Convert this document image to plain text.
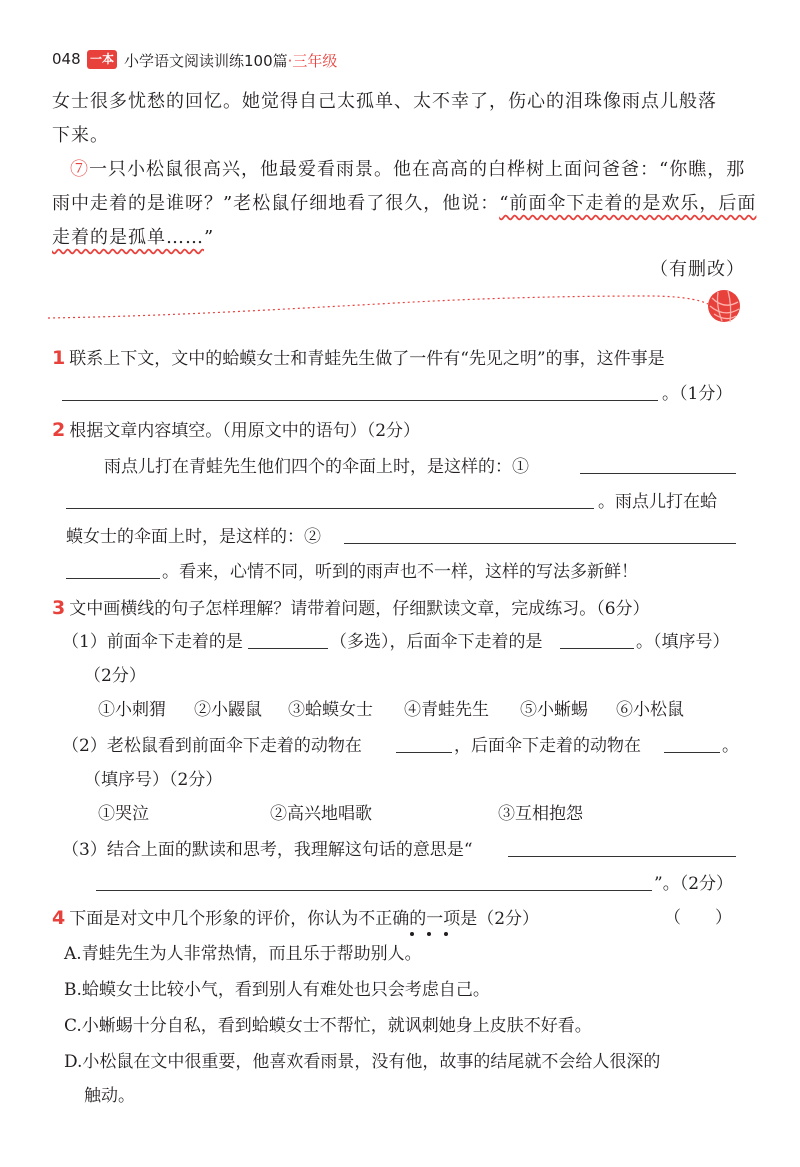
048 一本 小学语文阅读训练100篇·三年级
女士很多忧愁的回忆。她觉得自己太孤单、太不幸了，伤心的泪珠像雨点儿般落
下来。
⑦一只小松鼠很高兴，他最爱看雨景。他在高高的白桦树上面问爸爸：“你瞧，那
雨中走着的是谁呀？”老松鼠仔细地看了很久，他说：“前面伞下走着的是欢乐，后面
走着的是孤单……”
（有删改）
1 联系上下文，文中的蛤蟆女士和青蛙先生做了一件有“先见之明”的事，这件事是
。（1分）
2 根据文章内容填空。（用原文中的语句）（2分）
雨点儿打在青蛙先生他们四个的伞面上时，是这样的：①
。雨点儿打在蛤
蟆女士的伞面上时，是这样的：②
。看来，心情不同，听到的雨声也不一样，这样的写法多新鲜！
3 文中画横线的句子怎样理解？请带着问题，仔细默读文章，完成练习。（6分）
（1）前面伞下走着的是	（多选），后面伞下走着的是	。（填序号）
（2分）
①小刺猬 ②小鼹鼠 ③蛤蟆女士 ④青蛙先生 ⑤小蜥蜴 ⑥小松鼠
（2）老松鼠看到前面伞下走着的动物在	，后面伞下走着的动物在	。
（填序号）（2分）
①哭泣	②高兴地唱歌	③互相抱怨
（3）结合上面的默读和思考，我理解这句话的意思是“
”。（2分）
4 下面是对文中几个形象的评价，你认为不正确的一项是（2分）	（　　）
A.青蛙先生为人非常热情，而且乐于帮助别人。
B.蛤蟆女士比较小气，看到别人有难处也只会考虑自己。
C.小蜥蜴十分自私，看到蛤蟆女士不帮忙，就讽刺她身上皮肤不好看。
D.小松鼠在文中很重要，他喜欢看雨景，没有他，故事的结尾就不会给人很深的
触动。
